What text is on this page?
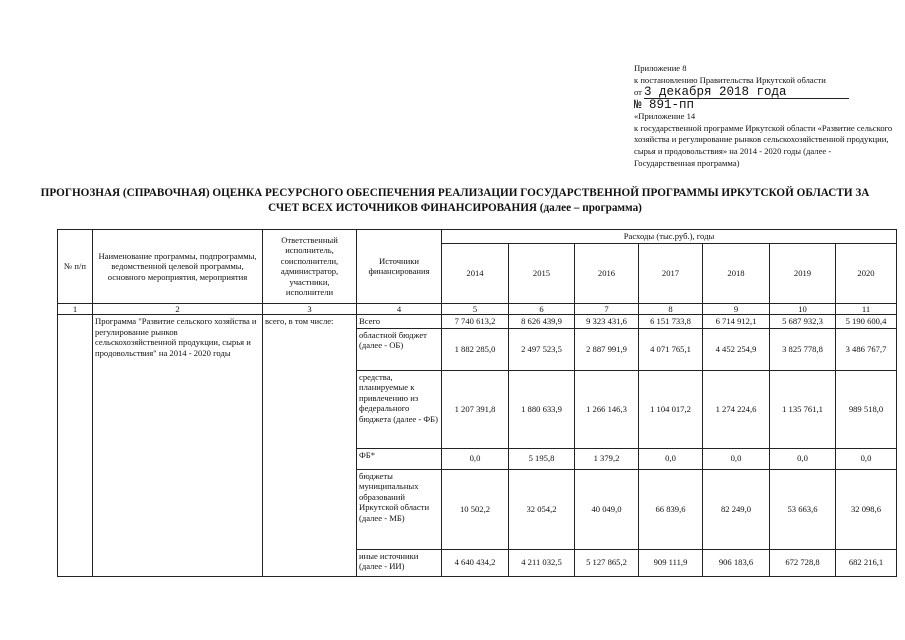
Приложение 8
к постановлению Правительства Иркутской области
от 3 декабря 2018 года
№ 891-пп
«Приложение 14
к государственной программе Иркутской области «Развитие сельского хозяйства и регулирование рынков сельскохозяйственной продукции, сырья и продовольствия» на 2014 - 2020 годы (далее - Государственная программа)
ПРОГНОЗНАЯ (СПРАВОЧНАЯ) ОЦЕНКА РЕСУРСНОГО ОБЕСПЕЧЕНИЯ РЕАЛИЗАЦИИ ГОСУДАРСТВЕННОЙ ПРОГРАММЫ ИРКУТСКОЙ ОБЛАСТИ ЗА СЧЕТ ВСЕХ ИСТОЧНИКОВ ФИНАНСИРОВАНИЯ (далее – программа)
№ п/п	Наименование программы, подпрограммы, ведомственной целевой программы, основного мероприятия, мероприятия	Ответственный исполнитель, соисполнители, администратор, участники, исполнители	Источники финансирования	Расходы (тыс.руб.), годы						
				2014	2015	2016	2017	2018	2019	2020
1	2	3	4	5	6	7	8	9	10	11
	Программа "Развитие сельского хозяйства и регулирование рынков сельскохозяйственной продукции, сырья и продовольствия" на 2014 - 2020 годы	всего, в том числе:	Всего	7 740 613,2	8 626 439,9	9 323 431,6	6 151 733,8	6 714 912,1	5 687 932,3	5 190 600,4
			областной бюджет (далее - ОБ)	1 882 285,0	2 497 523,5	2 887 991,9	4 071 765,1	4 452 254,9	3 825 778,8	3 486 767,7
			средства, планируемые к привлечению из федерального бюджета (далее - ФБ)	1 207 391,8	1 880 633,9	1 266 146,3	1 104 017,2	1 274 224,6	1 135 761,1	989 518,0
			ФБ*	0,0	5 195,8	1 379,2	0,0	0,0	0,0	0,0
			бюджеты муниципальных образований Иркутской области (далее - МБ)	10 502,2	32 054,2	40 049,0	66 839,6	82 249,0	53 663,6	32 098,6
			иные источники (далее - ИИ)	4 640 434,2	4 211 032,5	5 127 865,2	909 111,9	906 183,6	672 728,8	682 216,1
